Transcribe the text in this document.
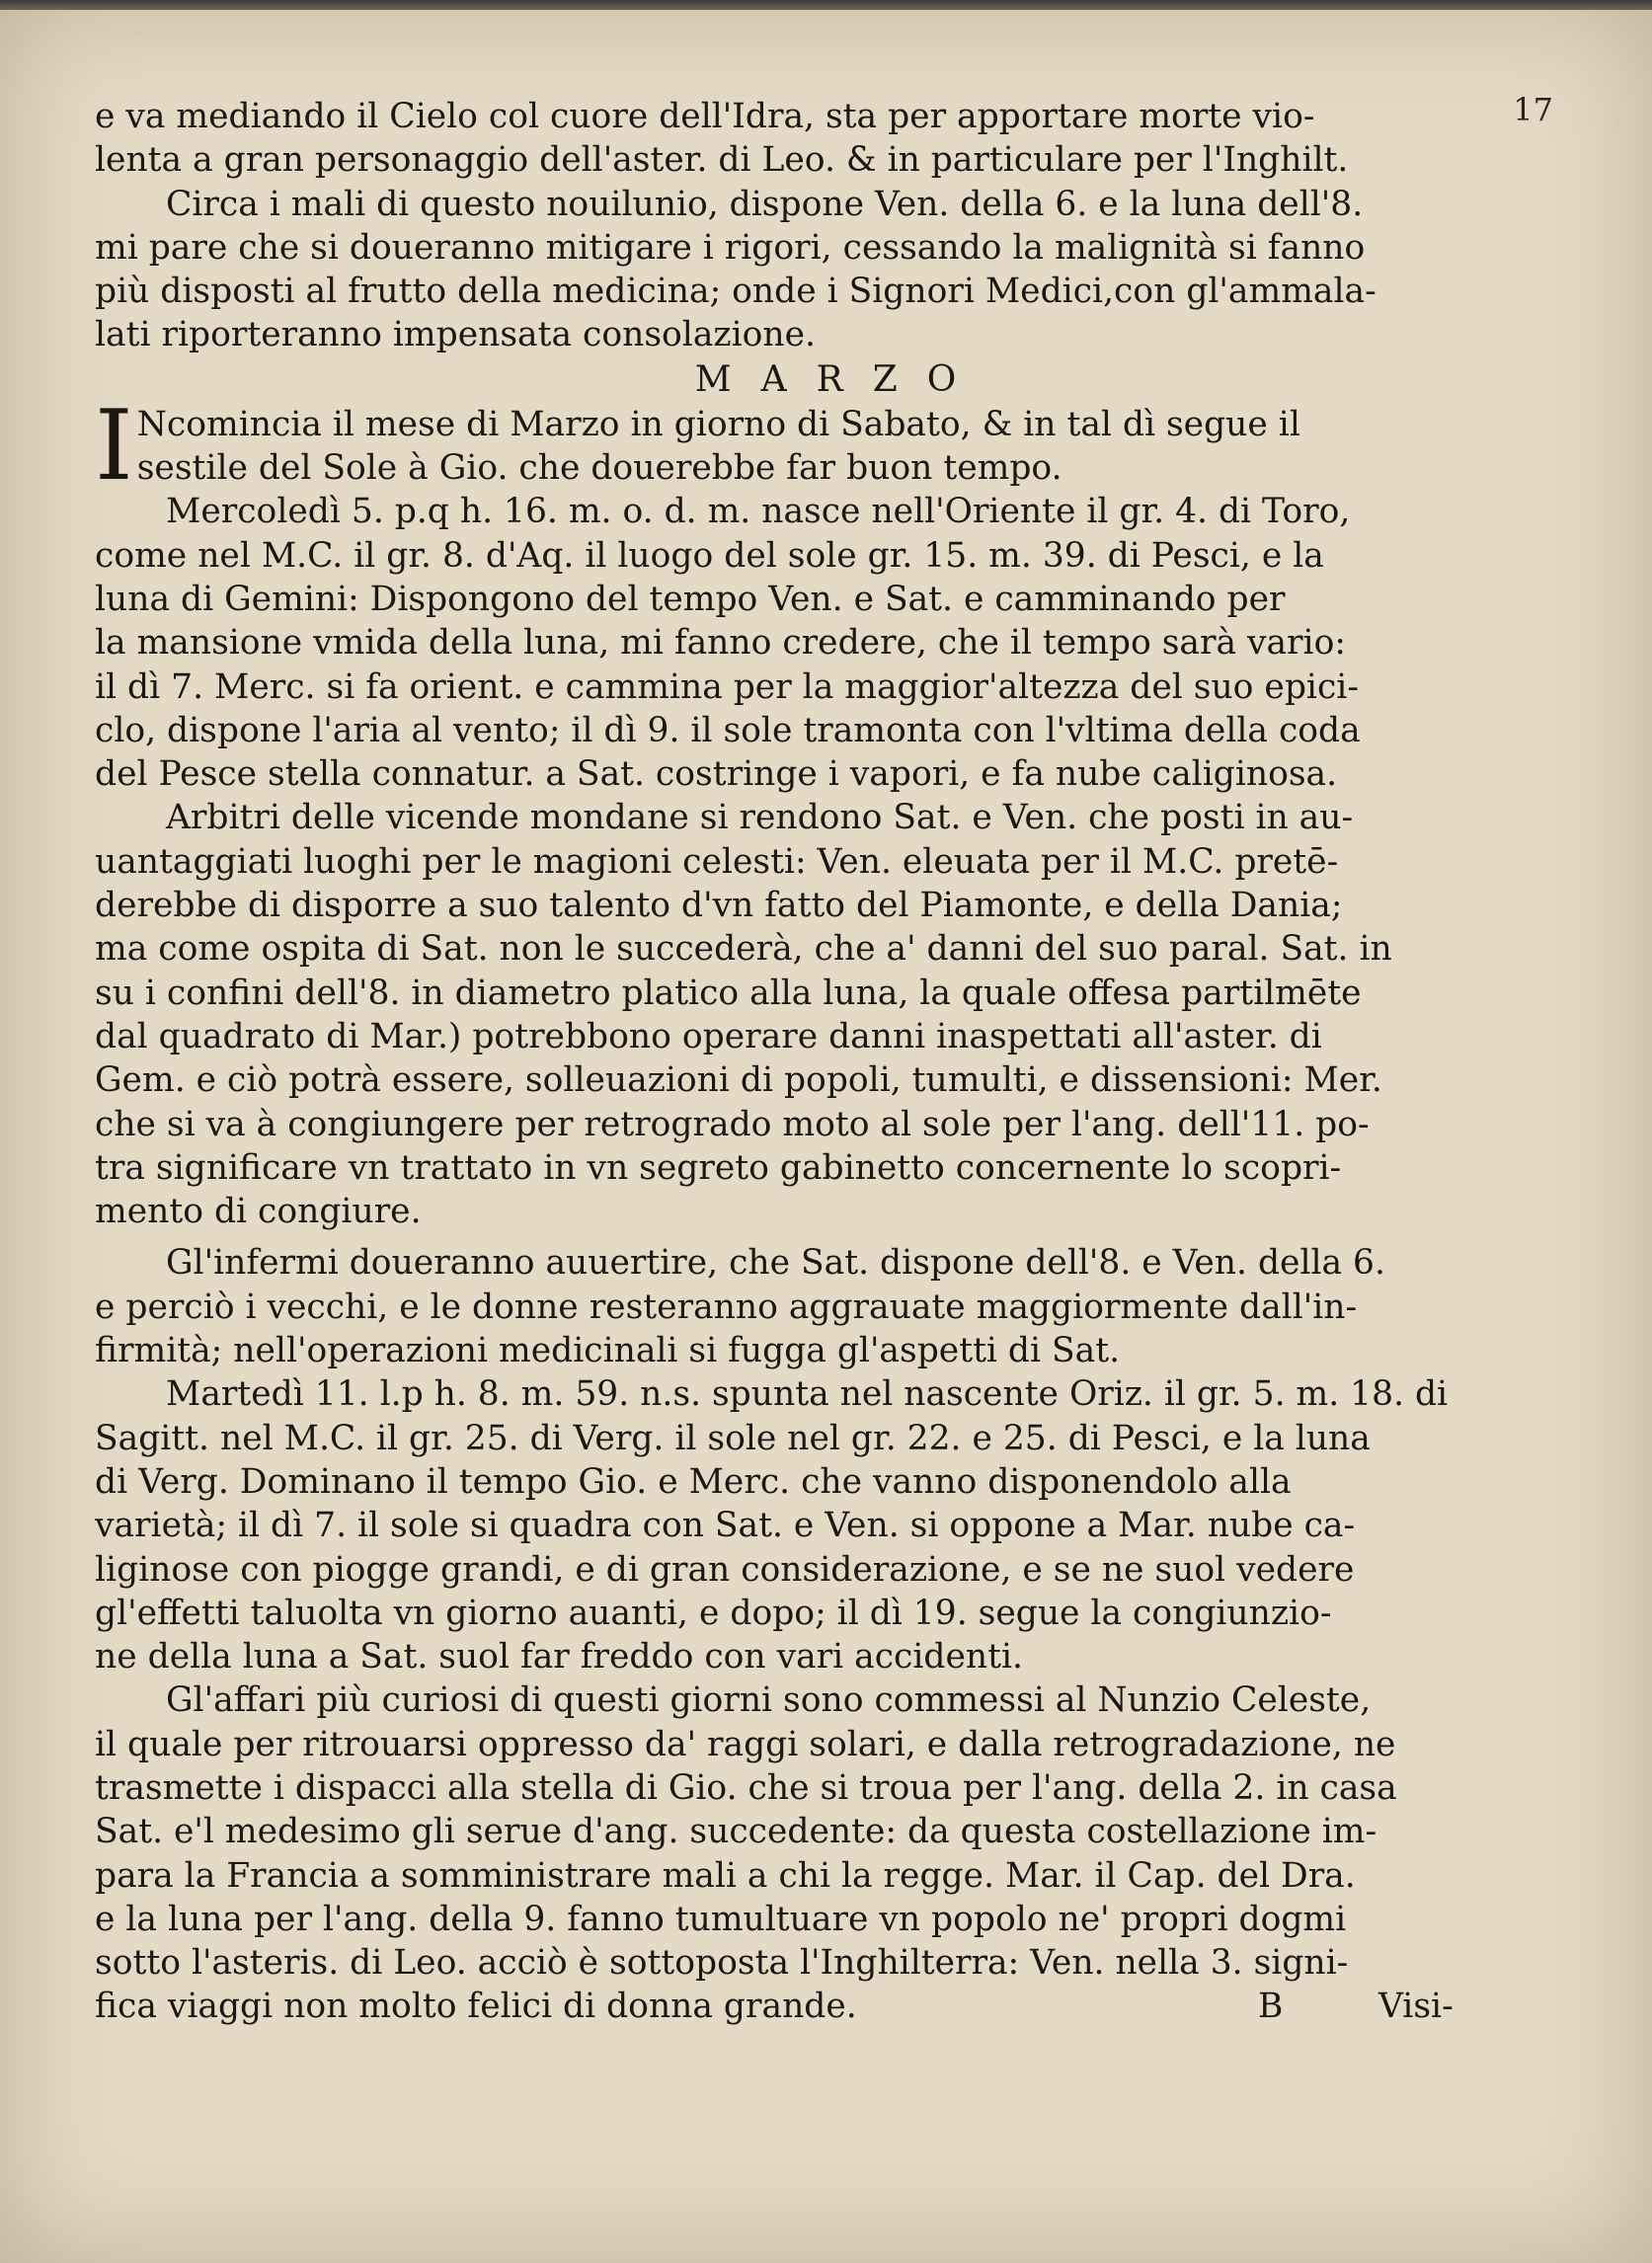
17

e va mediando il Cielo col cuore dell'Idra, sta per apportare morte vio-

lenta a gran personaggio dell'aster. di Leo. & in particulare per l'Inghilt.

Circa i mali di questo nouilunio, dispone Ven. della 6. e la luna dell'8.

mi pare che si doueranno mitigare i rigori, cessando la malignità si fanno

più disposti al frutto della medicina; onde i Signori Medici,con gl'ammala-

lati riporteranno impensata consolazione.

MARZO

I Ncomincia il mese di Marzo in giorno di Sabato, & in tal dì segue il

sestile del Sole à Gio. che douerebbe far buon tempo.

Mercoledì 5. p.q h. 16. m. o. d. m. nasce nell'Oriente il gr. 4. di Toro,

come nel M.C. il gr. 8. d'Aq. il luogo del sole gr. 15. m. 39. di Pesci, e la

luna di Gemini: Dispongono del tempo Ven. e Sat. e camminando per

la mansione vmida della luna, mi fanno credere, che il tempo sarà vario:

il dì 7. Merc. si fa orient. e cammina per la maggior'altezza del suo epici-

clo, dispone l'aria al vento; il dì 9. il sole tramonta con l'vltima della coda

del Pesce stella connatur. a Sat. costringe i vapori, e fa nube caliginosa.

Arbitri delle vicende mondane si rendono Sat. e Ven. che posti in au-

uantaggiati luoghi per le magioni celesti: Ven. eleuata per il M.C. pretē-

derebbe di disporre a suo talento d'vn fatto del Piamonte, e della Dania;

ma come ospita di Sat. non le succederà, che a' danni del suo paral. Sat. in

su i confini dell'8. in diametro platico alla luna, la quale offesa partilmēte

dal quadrato di Mar.) potrebbono operare danni inaspettati all'aster. di

Gem. e ciò potrà essere, solleuazioni di popoli, tumulti, e dissensioni: Mer.

che si va à congiungere per retrogrado moto al sole per l'ang. dell'11. po-

tra significare vn trattato in vn segreto gabinetto concernente lo scopri-

mento di congiure.

Gl'infermi doueranno auuertire, che Sat. dispone dell'8. e Ven. della 6.

e perciò i vecchi, e le donne resteranno aggrauate maggiormente dall'in-

firmità; nell'operazioni medicinali si fugga gl'aspetti di Sat.

Martedì 11. l.p h. 8. m. 59. n.s. spunta nel nascente Oriz. il gr. 5. m. 18. di

Sagitt. nel M.C. il gr. 25. di Verg. il sole nel gr. 22. e 25. di Pesci, e la luna

di Verg. Dominano il tempo Gio. e Merc. che vanno disponendolo alla

varietà; il dì 7. il sole si quadra con Sat. e Ven. si oppone a Mar. nube ca-

liginose con piogge grandi, e di gran considerazione, e se ne suol vedere

gl'effetti taluolta vn giorno auanti, e dopo; il dì 19. segue la congiunzio-

ne della luna a Sat. suol far freddo con vari accidenti.

Gl'affari più curiosi di questi giorni sono commessi al Nunzio Celeste,

il quale per ritrouarsi oppresso da' raggi solari, e dalla retrogradazione, ne

trasmette i dispacci alla stella di Gio. che si troua per l'ang. della 2. in casa

Sat. e'l medesimo gli serue d'ang. succedente: da questa costellazione im-

para la Francia a somministrare mali a chi la regge. Mar. il Cap. del Dra.

e la luna per l'ang. della 9. fanno tumultuare vn popolo ne' propri dogmi

sotto l'asteris. di Leo. acciò è sottoposta l'Inghilterra: Ven. nella 3. signi-

fica viaggi non molto felici di donna grande.	B	Visi-
